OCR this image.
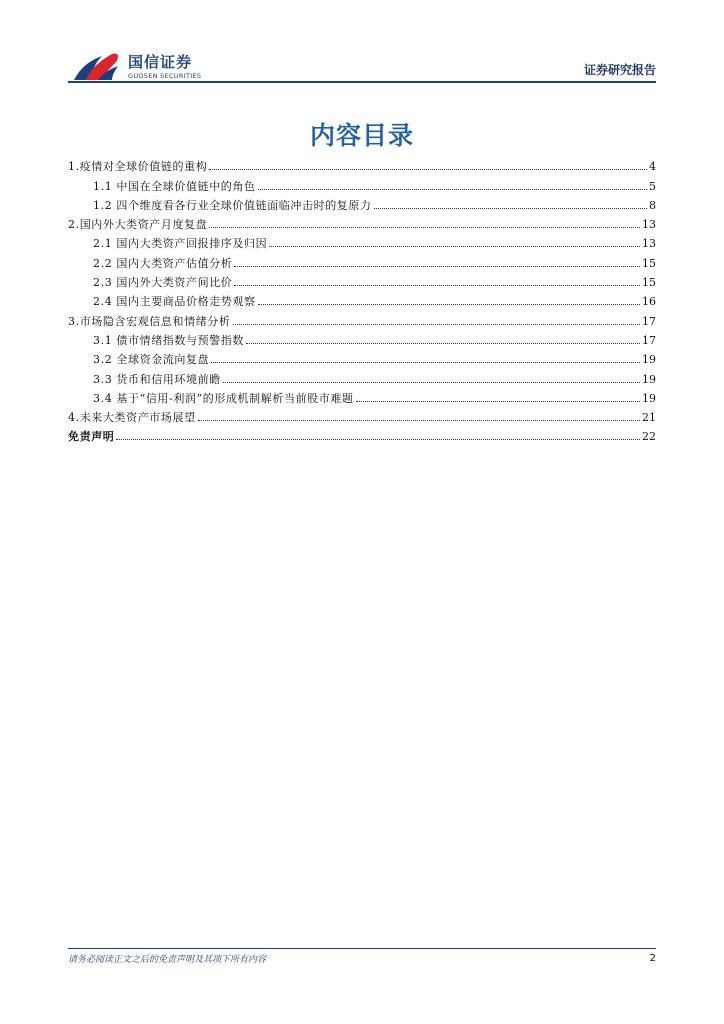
国信证券
GUOSEN SECURITIES	证券研究报告
内容目录
1.疫情对全球价值链的重构	4
1.1 中国在全球价值链中的角色	5
1.2 四个维度看各行业全球价值链面临冲击时的复原力	8
2.国内外大类资产月度复盘	13
2.1 国内大类资产回报排序及归因	13
2.2 国内大类资产估值分析	15
2.3 国内外大类资产间比价	15
2.4 国内主要商品价格走势观察	16
3.市场隐含宏观信息和情绪分析	17
3.1 债市情绪指数与预警指数	17
3.2 全球资金流向复盘	19
3.3 货币和信用环境前瞻	19
3.4 基于“信用-利润”的形成机制解析当前股市难题	19
4.未来大类资产市场展望	21
免责声明	22
请务必阅读正文之后的免责声明及其项下所有内容	2
